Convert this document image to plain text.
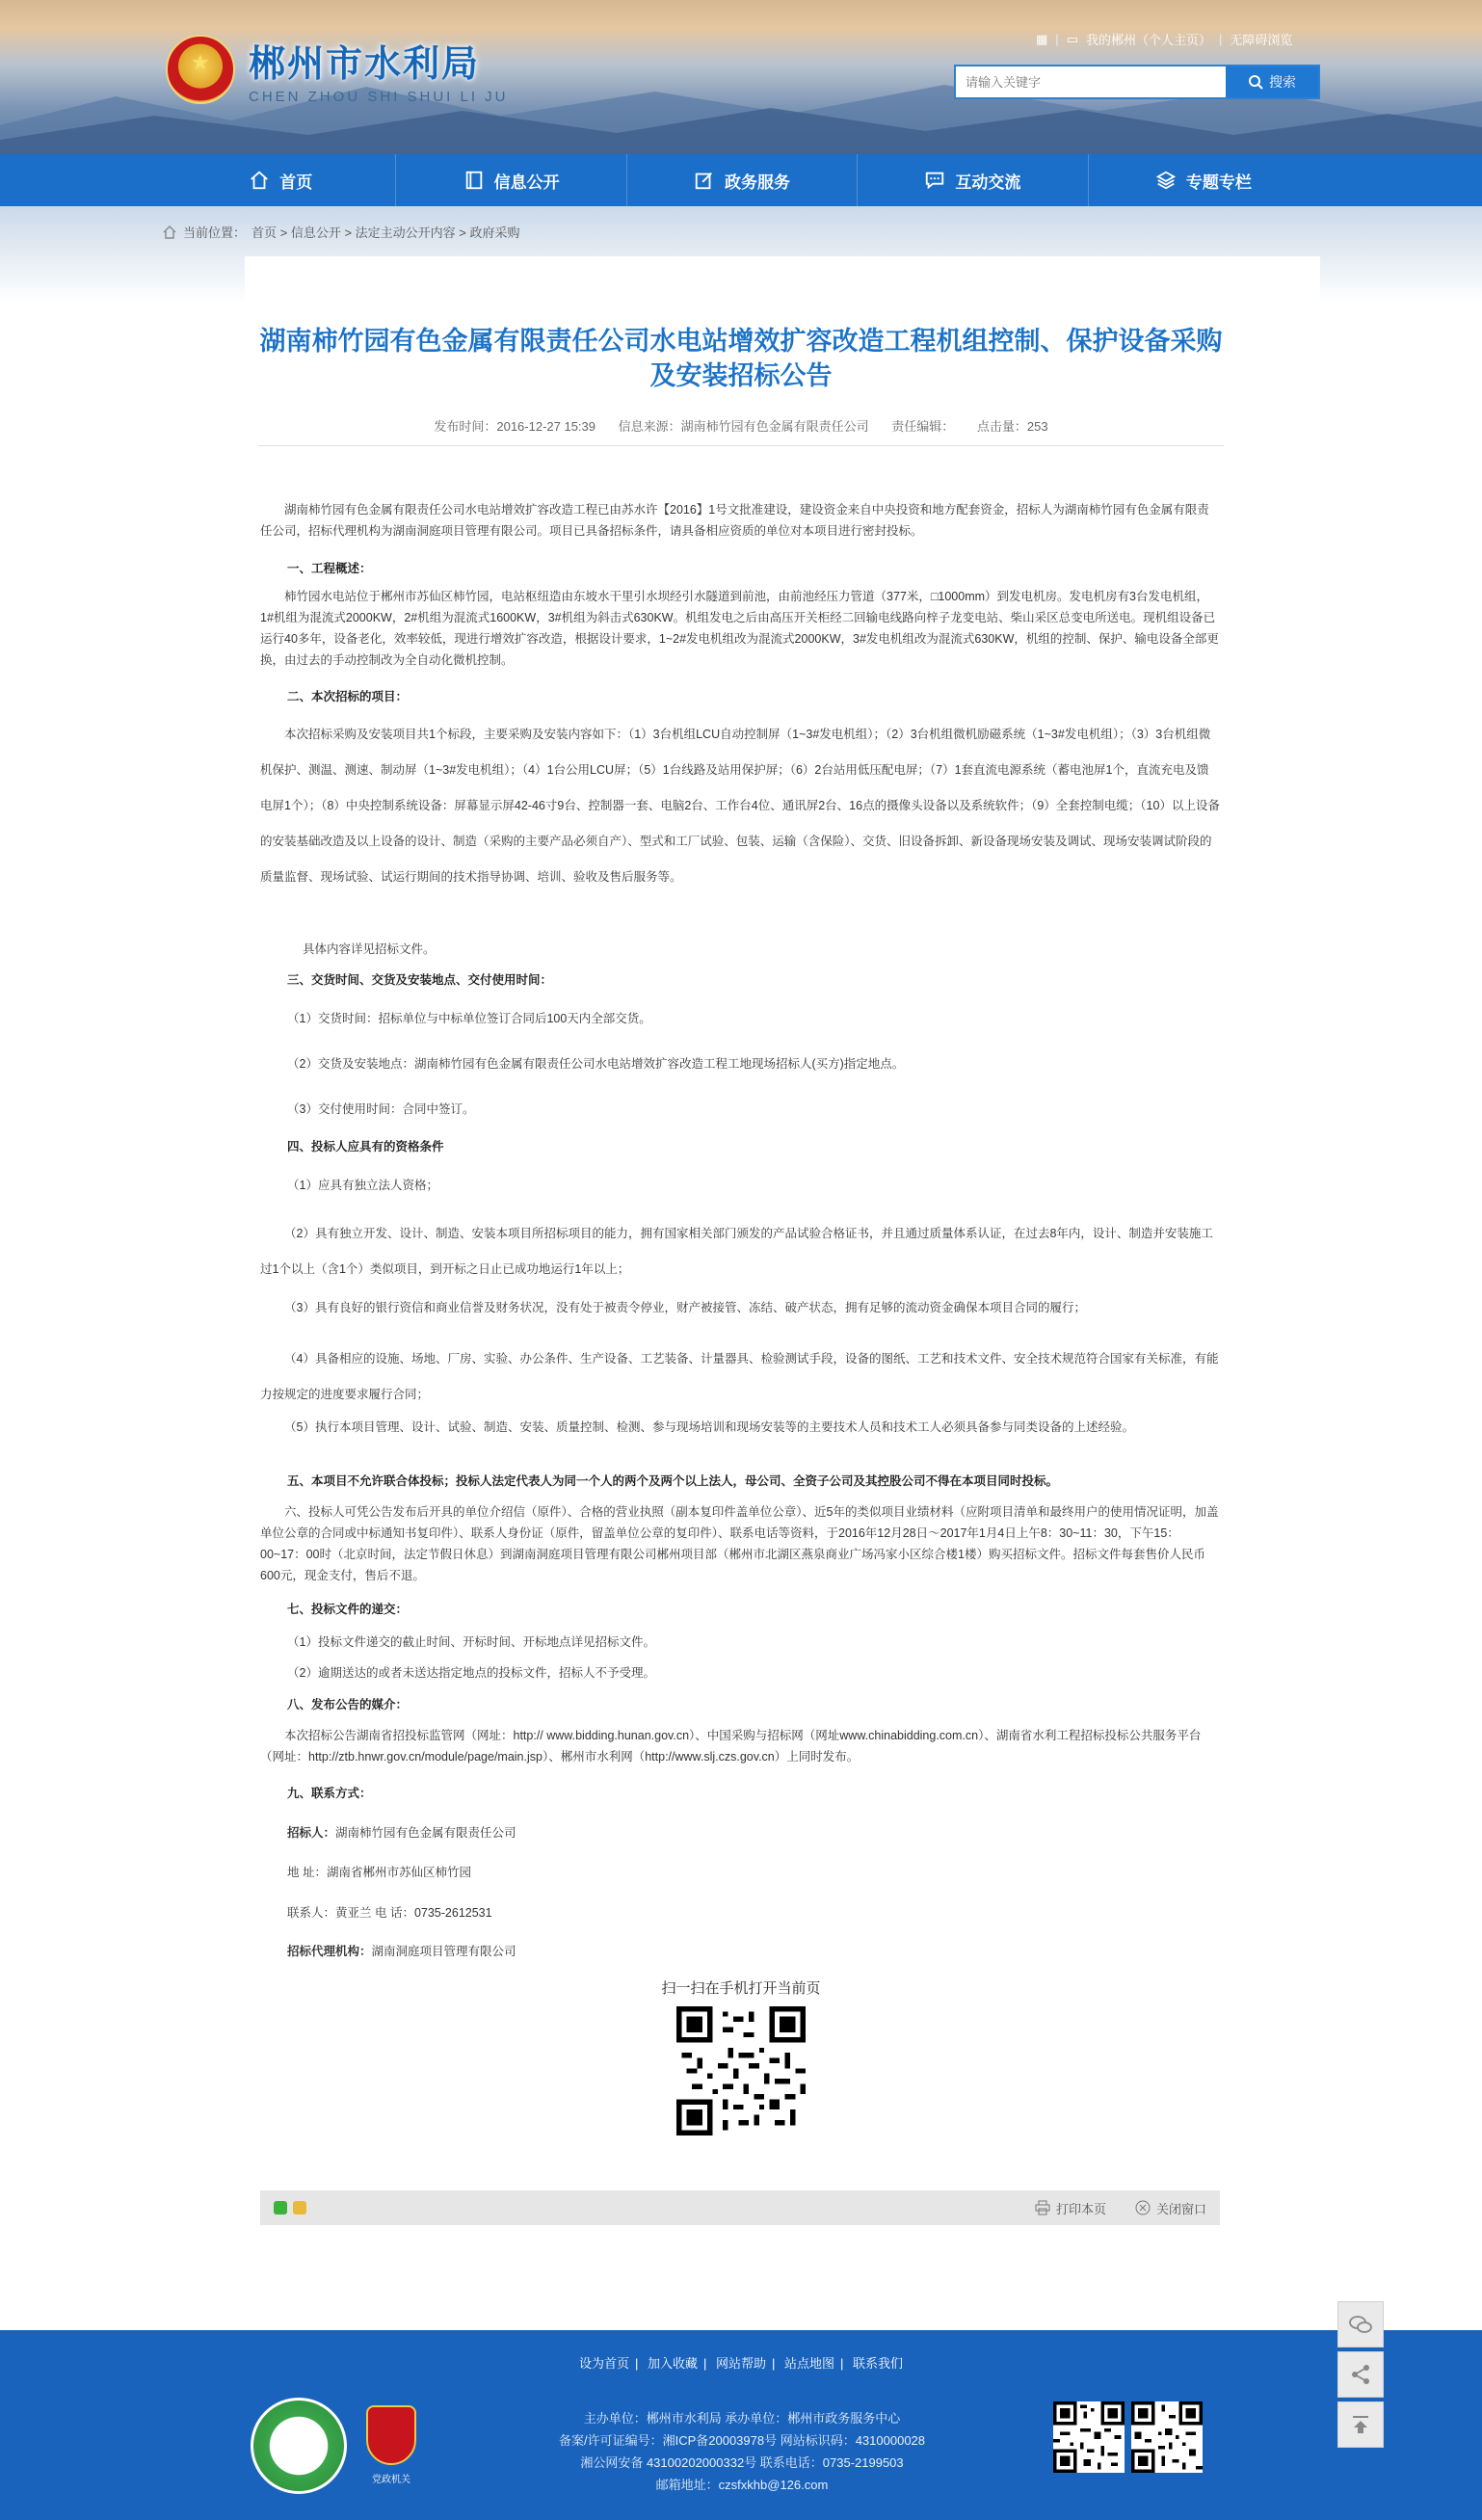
★
郴州市水利局
CHEN ZHOU SHI SHUI LI JU
▦ | ▭ 我的郴州（个人主页） | 无障碍浏览
请输入关键字
搜索
首页	信息公开	政务服务	互动交流	专题专栏
当前位置： 首页 > 信息公开 > 法定主动公开内容 > 政府采购
湖南柿竹园有色金属有限责任公司水电站增效扩容改造工程机组控制、保护设备采购及安装招标公告
发布时间：2016-12-27 15:39 信息来源：湖南柿竹园有色金属有限责任公司 责任编辑： 点击量：253
湖南柿竹园有色金属有限责任公司水电站增效扩容改造工程已由苏水许【2016】1号文批准建设，建设资金来自中央投资和地方配套资金，招标人为湖南柿竹园有色金属有限责任公司，招标代理机构为湖南洞庭项目管理有限公司。项目已具备招标条件，请具备相应资质的单位对本项目进行密封投标。
一、工程概述：
柿竹园水电站位于郴州市苏仙区柿竹园，电站枢纽造由东坡水干里引水坝经引水隧道到前池，由前池经压力管道（377米，□1000mm）到发电机房。发电机房有3台发电机组，1#机组为混流式2000KW，2#机组为混流式1600KW，3#机组为斜击式630KW。机组发电之后由高压开关柜经二回输电线路向梓子龙变电站、柴山采区总变电所送电。现机组设备已运行40多年，设备老化，效率较低，现进行增效扩容改造，根据设计要求，1~2#发电机组改为混流式2000KW，3#发电机组改为混流式630KW，机组的控制、保护、输电设备全部更换，由过去的手动控制改为全自动化微机控制。
二、本次招标的项目：
本次招标采购及安装项目共1个标段，主要采购及安装内容如下：（1）3台机组LCU自动控制屏（1~3#发电机组）；（2）3台机组微机励磁系统（1~3#发电机组）；（3）3台机组微机保护、测温、测速、制动屏（1~3#发电机组）；（4）1台公用LCU屏；（5）1台线路及站用保护屏；（6）2台站用低压配电屏；（7）1套直流电源系统（蓄电池屏1个，直流充电及馈电屏1个）；（8）中央控制系统设备：屏幕显示屏42-46寸9台、控制器一套、电脑2台、工作台4位、通讯屏2台、16点的摄像头设备以及系统软件；（9）全套控制电缆；（10）以上设备的安装基础改造及以上设备的设计、制造（采购的主要产品必须自产）、型式和工厂试验、包装、运输（含保险）、交货、旧设备拆卸、新设备现场安装及调试、现场安装调试阶段的质量监督、现场试验、试运行期间的技术指导协调、培训、验收及售后服务等。
具体内容详见招标文件。
三、交货时间、交货及安装地点、交付使用时间：
（1）交货时间：招标单位与中标单位签订合同后100天内全部交货。
（2）交货及安装地点：湖南柿竹园有色金属有限责任公司水电站增效扩容改造工程工地现场招标人(买方)指定地点。
（3）交付使用时间：合同中签订。
四、投标人应具有的资格条件
（1）应具有独立法人资格；
（2）具有独立开发、设计、制造、安装本项目所招标项目的能力，拥有国家相关部门颁发的产品试验合格证书，并且通过质量体系认证，在过去8年内，设计、制造并安装施工过1个以上（含1个）类似项目，到开标之日止已成功地运行1年以上；
（3）具有良好的银行资信和商业信誉及财务状况，没有处于被责令停业，财产被接管、冻结、破产状态，拥有足够的流动资金确保本项目合同的履行；
（4）具备相应的设施、场地、厂房、实验、办公条件、生产设备、工艺装备、计量器具、检验测试手段，设备的图纸、工艺和技术文件、安全技术规范符合国家有关标准，有能力按规定的进度要求履行合同；
（5）执行本项目管理、设计、试验、制造、安装、质量控制、检测、参与现场培训和现场安装等的主要技术人员和技术工人必须具备参与同类设备的上述经验。
五、本项目不允许联合体投标；投标人法定代表人为同一个人的两个及两个以上法人，母公司、全资子公司及其控股公司不得在本项目同时投标。
六、投标人可凭公告发布后开具的单位介绍信（原件）、合格的营业执照（副本复印件盖单位公章）、近5年的类似项目业绩材料（应附项目清单和最终用户的使用情况证明，加盖单位公章的合同或中标通知书复印件）、联系人身份证（原件，留盖单位公章的复印件）、联系电话等资料，于2016年12月28日～2017年1月4日上午8：30~11：30，下午15：00~17：00时（北京时间，法定节假日休息）到湖南洞庭项目管理有限公司郴州项目部（郴州市北湖区燕泉商业广场冯家小区综合楼1楼）购买招标文件。招标文件每套售价人民币600元，现金支付，售后不退。
七、投标文件的递交：
（1）投标文件递交的截止时间、开标时间、开标地点详见招标文件。
（2）逾期送达的或者未送达指定地点的投标文件，招标人不予受理。
八、发布公告的媒介：
本次招标公告湖南省招投标监管网（网址：http:// www.bidding.hunan.gov.cn）、中国采购与招标网（网址www.chinabidding.com.cn）、湖南省水利工程招标投标公共服务平台（网址：http://ztb.hnwr.gov.cn/module/page/main.jsp）、郴州市水利网（http://www.slj.czs.gov.cn）上同时发布。
九、联系方式：
招标人：湖南柿竹园有色金属有限责任公司
地 址：湖南省郴州市苏仙区柿竹园
联系人：黄亚兰 电 话：0735-2612531
招标代理机构：湖南洞庭项目管理有限公司
扫一扫在手机打开当前页
打印本页	关闭窗口
设为首页 | 加入收藏 | 网站帮助 | 站点地图 | 联系我们
党政机关
主办单位：郴州市水利局 承办单位：郴州市政务服务中心
备案/许可证编号：湘ICP备20003978号 网站标识码：4310000028
湘公网安备 43100202000332号 联系电话：0735-2199503
邮箱地址：czsfxkhb@126.com
